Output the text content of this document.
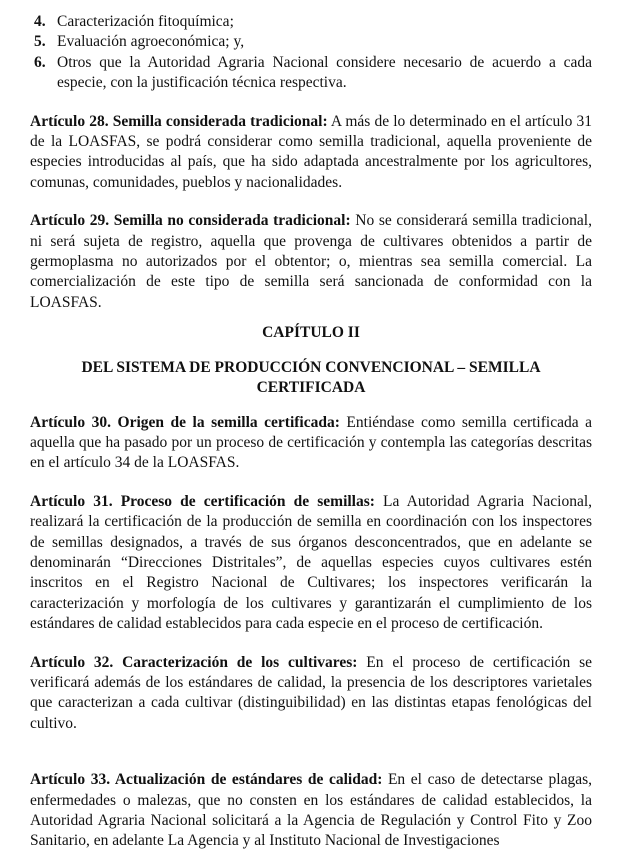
4. Caracterización fitoquímica;
5. Evaluación agroeconómica; y,
6. Otros que la Autoridad Agraria Nacional considere necesario de acuerdo a cada especie, con la justificación técnica respectiva.

Artículo 28. Semilla considerada tradicional: A más de lo determinado en el artículo 31 de la LOASFAS, se podrá considerar como semilla tradicional, aquella proveniente de especies introducidas al país, que ha sido adaptada ancestralmente por los agricultores, comunas, comunidades, pueblos y nacionalidades.

Artículo 29. Semilla no considerada tradicional: No se considerará semilla tradicional, ni será sujeta de registro, aquella que provenga de cultivares obtenidos a partir de germoplasma no autorizados por el obtentor; o, mientras sea semilla comercial. La comercialización de este tipo de semilla será sancionada de conformidad con la LOASFAS.

CAPÍTULO II

DEL SISTEMA DE PRODUCCIÓN CONVENCIONAL – SEMILLA CERTIFICADA

Artículo 30. Origen de la semilla certificada: Entiéndase como semilla certificada a aquella que ha pasado por un proceso de certificación y contempla las categorías descritas en el artículo 34 de la LOASFAS.

Artículo 31. Proceso de certificación de semillas: La Autoridad Agraria Nacional, realizará la certificación de la producción de semilla en coordinación con los inspectores de semillas designados, a través de sus órganos desconcentrados, que en adelante se denominarán “Direcciones Distritales”, de aquellas especies cuyos cultivares estén inscritos en el Registro Nacional de Cultivares; los inspectores verificarán la caracterización y morfología de los cultivares y garantizarán el cumplimiento de los estándares de calidad establecidos para cada especie en el proceso de certificación.

Artículo 32. Caracterización de los cultivares: En el proceso de certificación se verificará además de los estándares de calidad, la presencia de los descriptores varietales que caracterizan a cada cultivar (distinguibilidad) en las distintas etapas fenológicas del cultivo.

Artículo 33. Actualización de estándares de calidad: En el caso de detectarse plagas, enfermedades o malezas, que no consten en los estándares de calidad establecidos, la Autoridad Agraria Nacional solicitará a la Agencia de Regulación y Control Fito y Zoo Sanitario, en adelante La Agencia y al Instituto Nacional de Investigaciones
